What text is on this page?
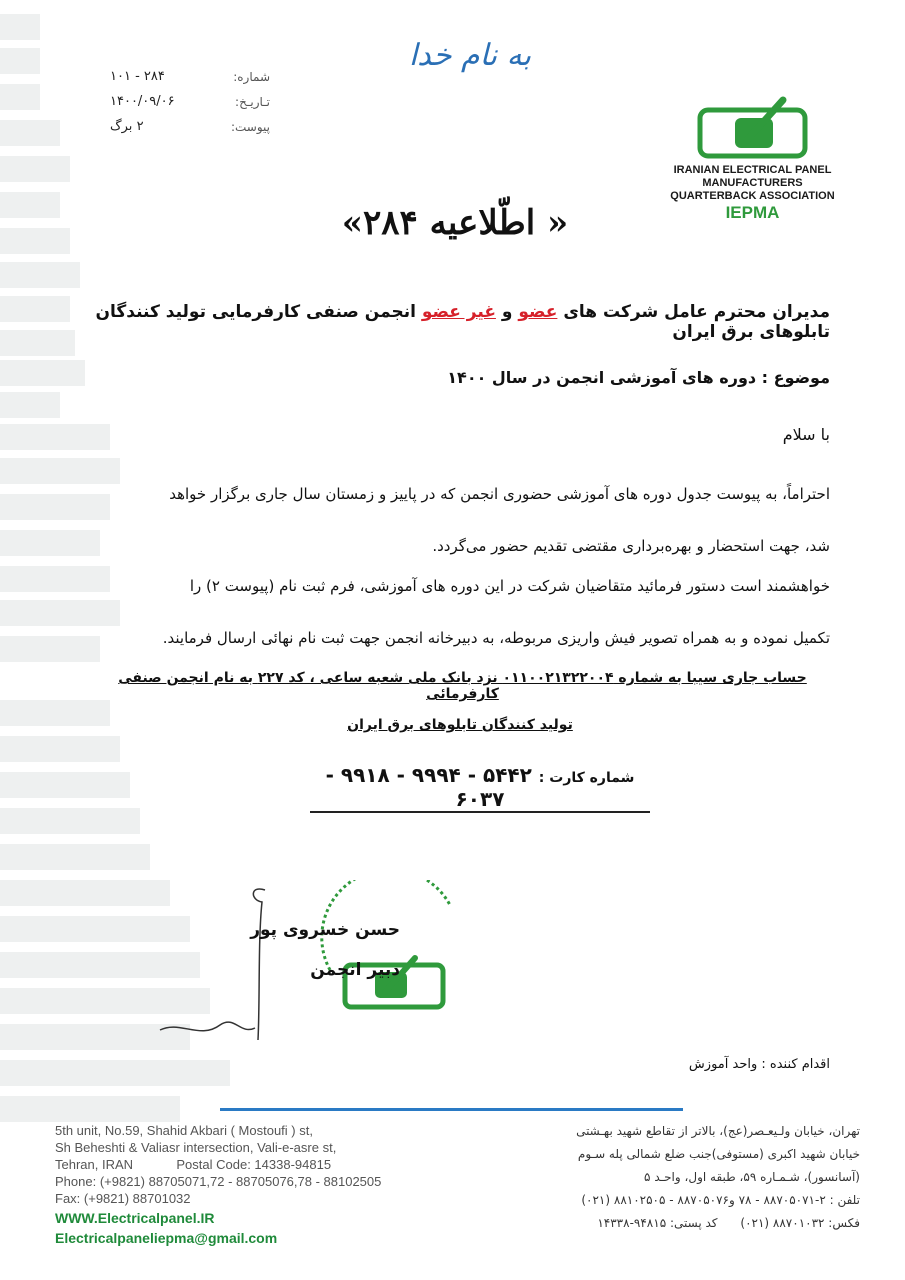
به نام خدا
شماره:
۲۸۴ - ۱۰۱
تـاریـخ:
۱۴۰۰/۰۹/۰۶
پیوست:
۲ برگ
IRANIAN ELECTRICAL PANEL
MANUFACTURERS
QUARTERBACK ASSOCIATION
IEPMA
« اطّلاعیه ۲۸۴»
مدیران محترم عامل شرکت های عضو و غیر عضو انجمن صنفی کارفرمایی تولید کنندگان تابلوهای برق ایران
موضوع : دوره های آموزشی انجمن در سال ۱۴۰۰
با سلام
احتراماً، به پیوست جدول دوره های آموزشی حضوری انجمن که در پاییز و زمستان سال جاری برگزار خواهد
شد، جهت استحضار و بهره‌برداری مقتضی تقدیم حضور می‌گردد.
خواهشمند است دستور فرمائید متقاضیان شرکت در این دوره های آموزشی، فرم ثبت نام (پیوست ۲) را
تکمیل نموده و به همراه تصویر فیش واریزی مربوطه، به دبیرخانه انجمن جهت ثبت نام نهائی ارسال فرمایند.
حساب جاری سیبا به شماره ۰۱۱۰۰۲۱۳۲۲۰۰۴ نزد بانک ملی شعبه ساعی ، کد ۲۲۷ به نام انجمن صنفی کارفرمائی
تولید کنندگان تابلوهای برق ایران
شماره کارت : ۵۴۴۲ - ۹۹۹۴ - ۹۹۱۸ - ۶۰۳۷
حسن خسروی پور
دبیر انجمن
اقدام کننده : واحد آموزش
5th unit, No.59, Shahid Akbari ( Mostoufi ) st,
Sh Beheshti & Valiasr intersection, Vali-e-asre st,
Tehran, IRAN            Postal Code: 14338-94815
Phone: (+9821) 88705071,72 - 88705076,78 - 88102505
Fax: (+9821) 88701032
WWW.Electricalpanel.IR
Electricalpaneliepma@gmail.com
تهران، خیابان ولـیعـصر(عج)، بالاتر از تقاطع شهید بهـشتی
خیابان شهید اکبری (مستوفی)جنب ضلع شمالی پله سـوم
(آسانسور)، شـمـاره ۵۹، طبقه اول، واحـد ۵
تلفن : ۲-۸۸۷۰۵۰۷۱ - ۷۸ و۸۸۷۰۵۰۷۶ - ۸۸۱۰۲۵۰۵ (۰۲۱)
فکس: ۸۸۷۰۱۰۳۲ (۰۲۱)      کد پستی: ۹۴۸۱۵-۱۴۳۳۸
